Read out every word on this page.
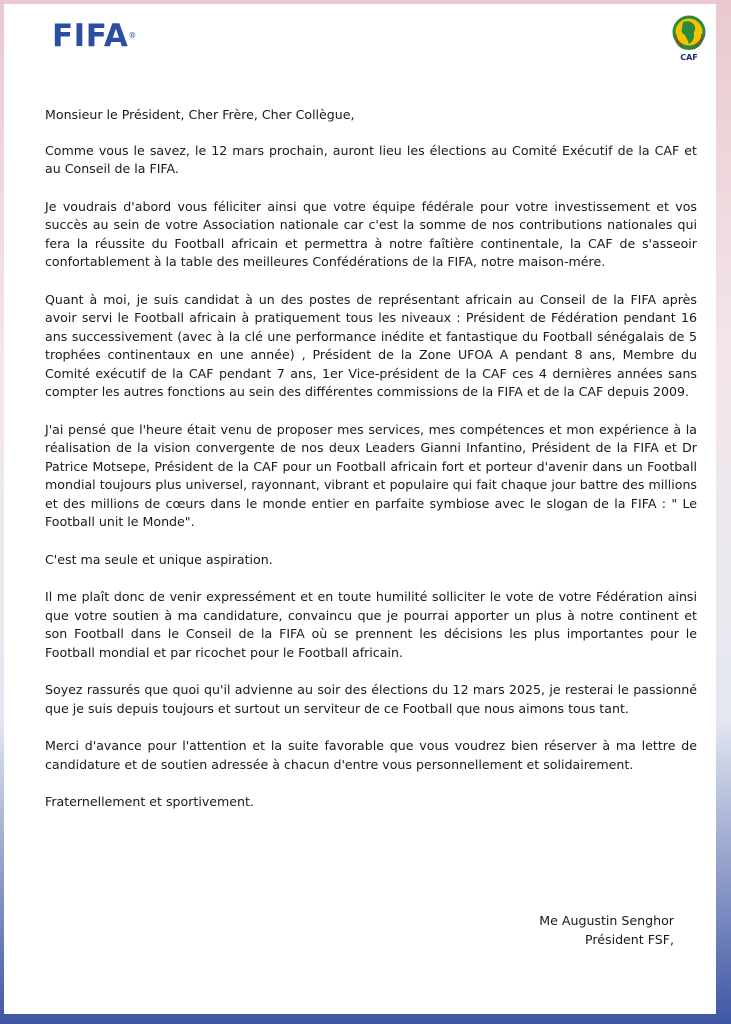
FIFA®
CAF

Monsieur le Président, Cher Frère, Cher Collègue,

Comme vous le savez, le 12 mars prochain, auront lieu les élections au Comité Exécutif de la CAF et au Conseil de la FIFA.

Je voudrais d'abord vous féliciter ainsi que votre équipe fédérale pour votre investissement et vos succès au sein de votre Association nationale car c'est la somme de nos contributions nationales qui fera la réussite du Football africain et permettra à notre faîtière continentale, la CAF de s'asseoir confortablement à la table des meilleures Confédérations de la FIFA, notre maison-mére.

Quant à moi, je suis candidat à un des postes de représentant africain au Conseil de la FIFA après avoir servi le Football africain à pratiquement tous les niveaux : Président de Fédération pendant 16 ans successivement (avec à la clé une performance inédite et fantastique du Football sénégalais de 5 trophées continentaux en une année) , Président de la Zone UFOA A pendant 8 ans, Membre du Comité exécutif de la CAF pendant 7 ans, 1er Vice-président de la CAF ces 4 dernières années sans compter les autres fonctions au sein des différentes commissions de la FIFA et de la CAF depuis 2009.

J'ai pensé que l'heure était venu de proposer mes services, mes compétences et mon expérience à la réalisation de la vision convergente de nos deux Leaders Gianni Infantino, Président de la FIFA et Dr Patrice Motsepe, Président de la CAF pour un Football africain fort et porteur d'avenir dans un Football mondial toujours plus universel, rayonnant, vibrant et populaire qui fait chaque jour battre des millions et des millions de cœurs dans le monde entier en parfaite symbiose avec le slogan de la FIFA : " Le Football unit le Monde".

C'est ma seule et unique aspiration.

Il me plaît donc de venir expressément et en toute humilité solliciter le vote de votre Fédération ainsi que votre soutien à ma candidature, convaincu que je pourrai apporter un plus à notre continent et son Football dans le Conseil de la FIFA où se prennent les décisions les plus importantes pour le Football mondial et par ricochet pour le Football africain.

Soyez rassurés que quoi qu'il advienne au soir des élections du 12 mars 2025, je resterai le passionné que je suis depuis toujours et surtout un serviteur de ce Football que nous aimons tous tant.

Merci d'avance pour l'attention et la suite favorable que vous voudrez bien réserver à ma lettre de candidature et de soutien adressée à chacun d'entre vous personnellement et solidairement.

Fraternellement et sportivement.

Me Augustin Senghor
Président FSF,
